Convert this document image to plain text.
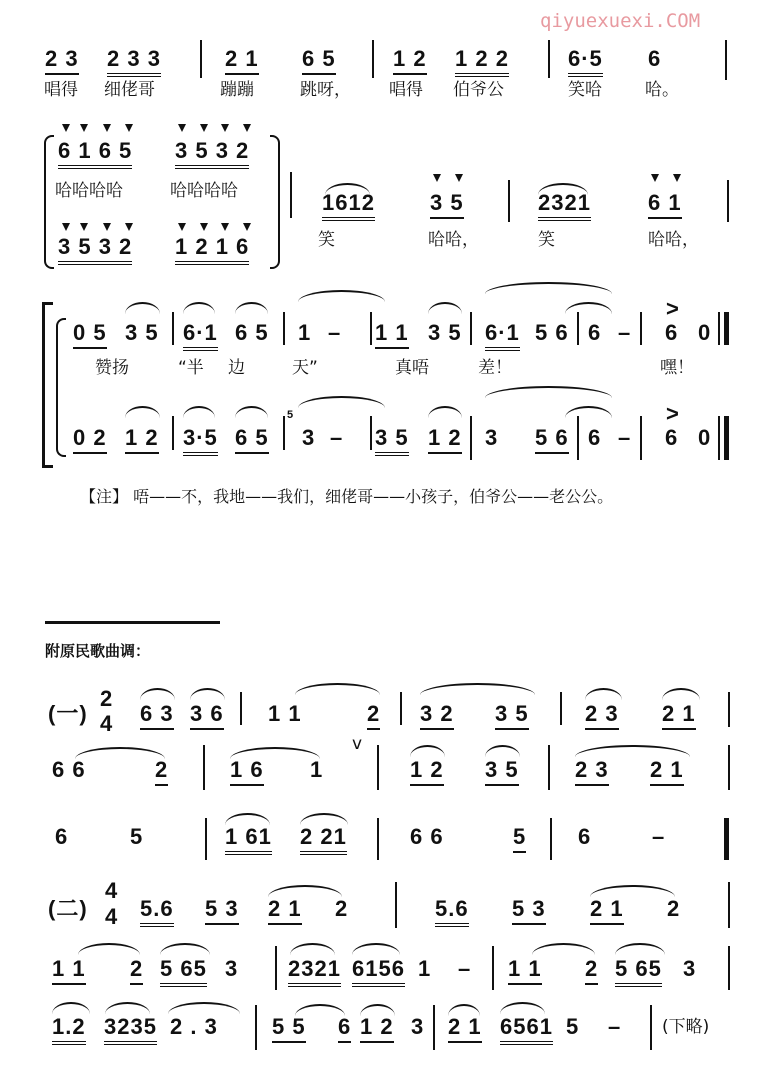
qiyuexuexi.COM
2 3 2 3 3	2 1 6 5	1 2 1 2 2	6·5 6
唱得 细佬哥	蹦蹦	跳呀， 唱得 伯爷公	笑哈	哈。
6 1 6 5 3 5 3 2
哈哈哈哈	哈哈哈哈
3 5 3 2 1 2 1 6
1612	3 5	2321	6 1
笑	哈哈，	笑	哈哈，
0 5 3 5 6·1 6 5 1 – 1 1 3 5 6·1 5 6 6 – 6 0
>
赞扬	“半 边	天”	真唔	差！	嘿！
0 2 1 2 3·5 6 5 3 – 3 5 1 2 3 5 6 6 – 6 0
>
5
(一)
2
4 6 3 3 6 1 1	2 3 2 3 5	2 3 2 1
6 6	2	1 6 1
v
1 2 3 5	2 3 2 1
6	5	1 61 2 21	6 6	5 6	–
(二)
4
4 5.6 5 3 2 1 2	5.6 5 3 2 1 2
1 1 2 5 65 3 2321 6156 1 – 1 1 2 5 65 3
1.2 3235 2 . 3 5 5 6 1 2 3 2 1 6561 5 – (下略)
【注】 唔——不，我地——我们，细佬哥——小孩子，伯爷公——老公公。
附原民歌曲调：
